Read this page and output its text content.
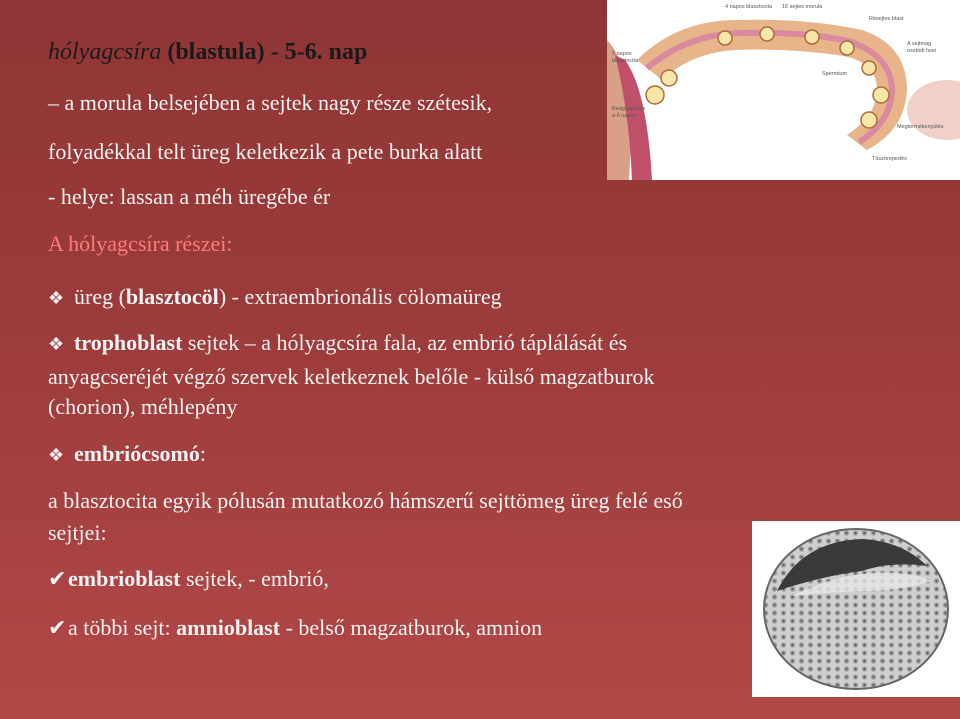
hólyagcsíra (blastula) - 5-6. nap
– a morula belsejében a sejtek nagy része szétesik,
folyadékkal telt üreg keletkezik a pete burka alatt
- helye: lassan a méh üregébe ér
A hólyagcsíra részei:
❖ üreg (blasztocöl) - extraembrionális cölomaüreg
❖ trophoblast sejtek – a hólyagcsíra fala, az embrió táplálását és
anyagcseréjét végző szervek keletkeznek belőle - külső magzatburok
(chorion), méhlepény
❖ embriócsomó:
a blasztocita egyik pólusán mutatkozó hámszerű sejttömeg üreg felé eső
sejtjei:
✔embrioblast sejtek, - embrió,
✔a többi sejt: amnioblast - belső magzatburok, amnion
4 napos blasztocita 16 sejtes morula
Résejtes blast
A sejtmag
osztódi hsei
5 napos
blasztocita
Spermium
Beágyazódás
a 6 napon
Megtermékenyülés
Tüszörepedés
